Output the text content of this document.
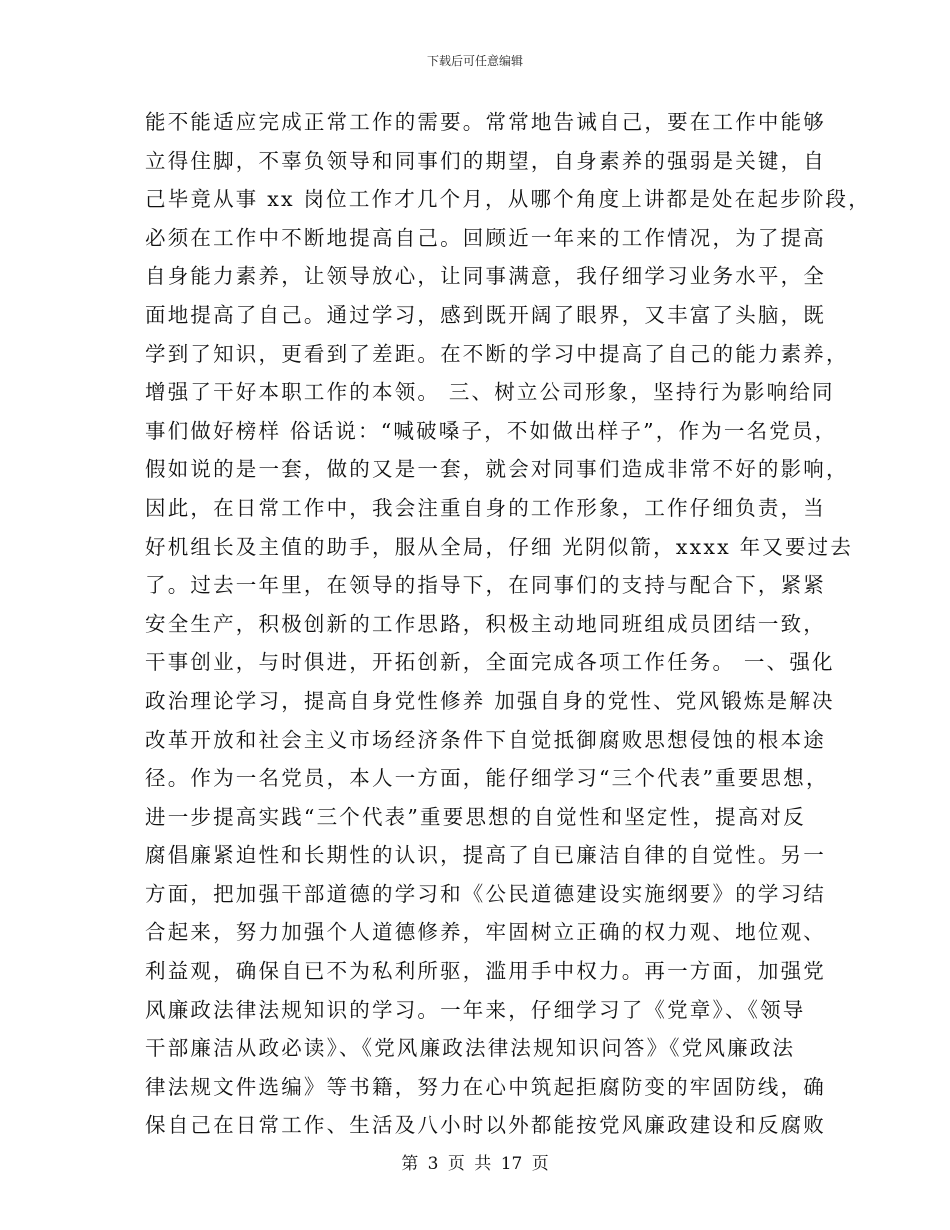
下载后可任意编辑
能不能适应完成正常工作的需要。常常地告诫自己，要在工作中能够
立得住脚，不辜负领导和同事们的期望，自身素养的强弱是关键，自
己毕竟从事 xx 岗位工作才几个月，从哪个角度上讲都是处在起步阶段，
必须在工作中不断地提高自己。回顾近一年来的工作情况，为了提高
自身能力素养，让领导放心，让同事满意，我仔细学习业务水平，全
面地提高了自己。通过学习，感到既开阔了眼界，又丰富了头脑，既
学到了知识，更看到了差距。在不断的学习中提高了自己的能力素养，
增强了干好本职工作的本领。 三、树立公司形象，坚持行为影响给同
事们做好榜样 俗话说：“喊破嗓子，不如做出样子”，作为一名党员，
假如说的是一套，做的又是一套，就会对同事们造成非常不好的影响，
因此，在日常工作中，我会注重自身的工作形象，工作仔细负责，当
好机组长及主值的助手，服从全局，仔细 光阴似箭，xxxx 年又要过去
了。过去一年里，在领导的指导下，在同事们的支持与配合下，紧紧
安全生产，积极创新的工作思路，积极主动地同班组成员团结一致，
干事创业，与时俱进，开拓创新，全面完成各项工作任务。 一、强化
政治理论学习，提高自身党性修养 加强自身的党性、党风锻炼是解决
改革开放和社会主义市场经济条件下自觉抵御腐败思想侵蚀的根本途
径。作为一名党员，本人一方面，能仔细学习“三个代表”重要思想，
进一步提高实践“三个代表”重要思想的自觉性和坚定性，提高对反
腐倡廉紧迫性和长期性的认识，提高了自已廉洁自律的自觉性。另一
方面，把加强干部道德的学习和《公民道德建设实施纲要》的学习结
合起来，努力加强个人道德修养，牢固树立正确的权力观、地位观、
利益观，确保自已不为私利所驱，滥用手中权力。再一方面，加强党
风廉政法律法规知识的学习。一年来，仔细学习了《党章》、《领导
干部廉洁从政必读》、《党风廉政法律法规知识问答》《党风廉政法
律法规文件选编》等书籍，努力在心中筑起拒腐防变的牢固防线，确
保自己在日常工作、生活及八小时以外都能按党风廉政建设和反腐败
第 3 页 共 17 页
